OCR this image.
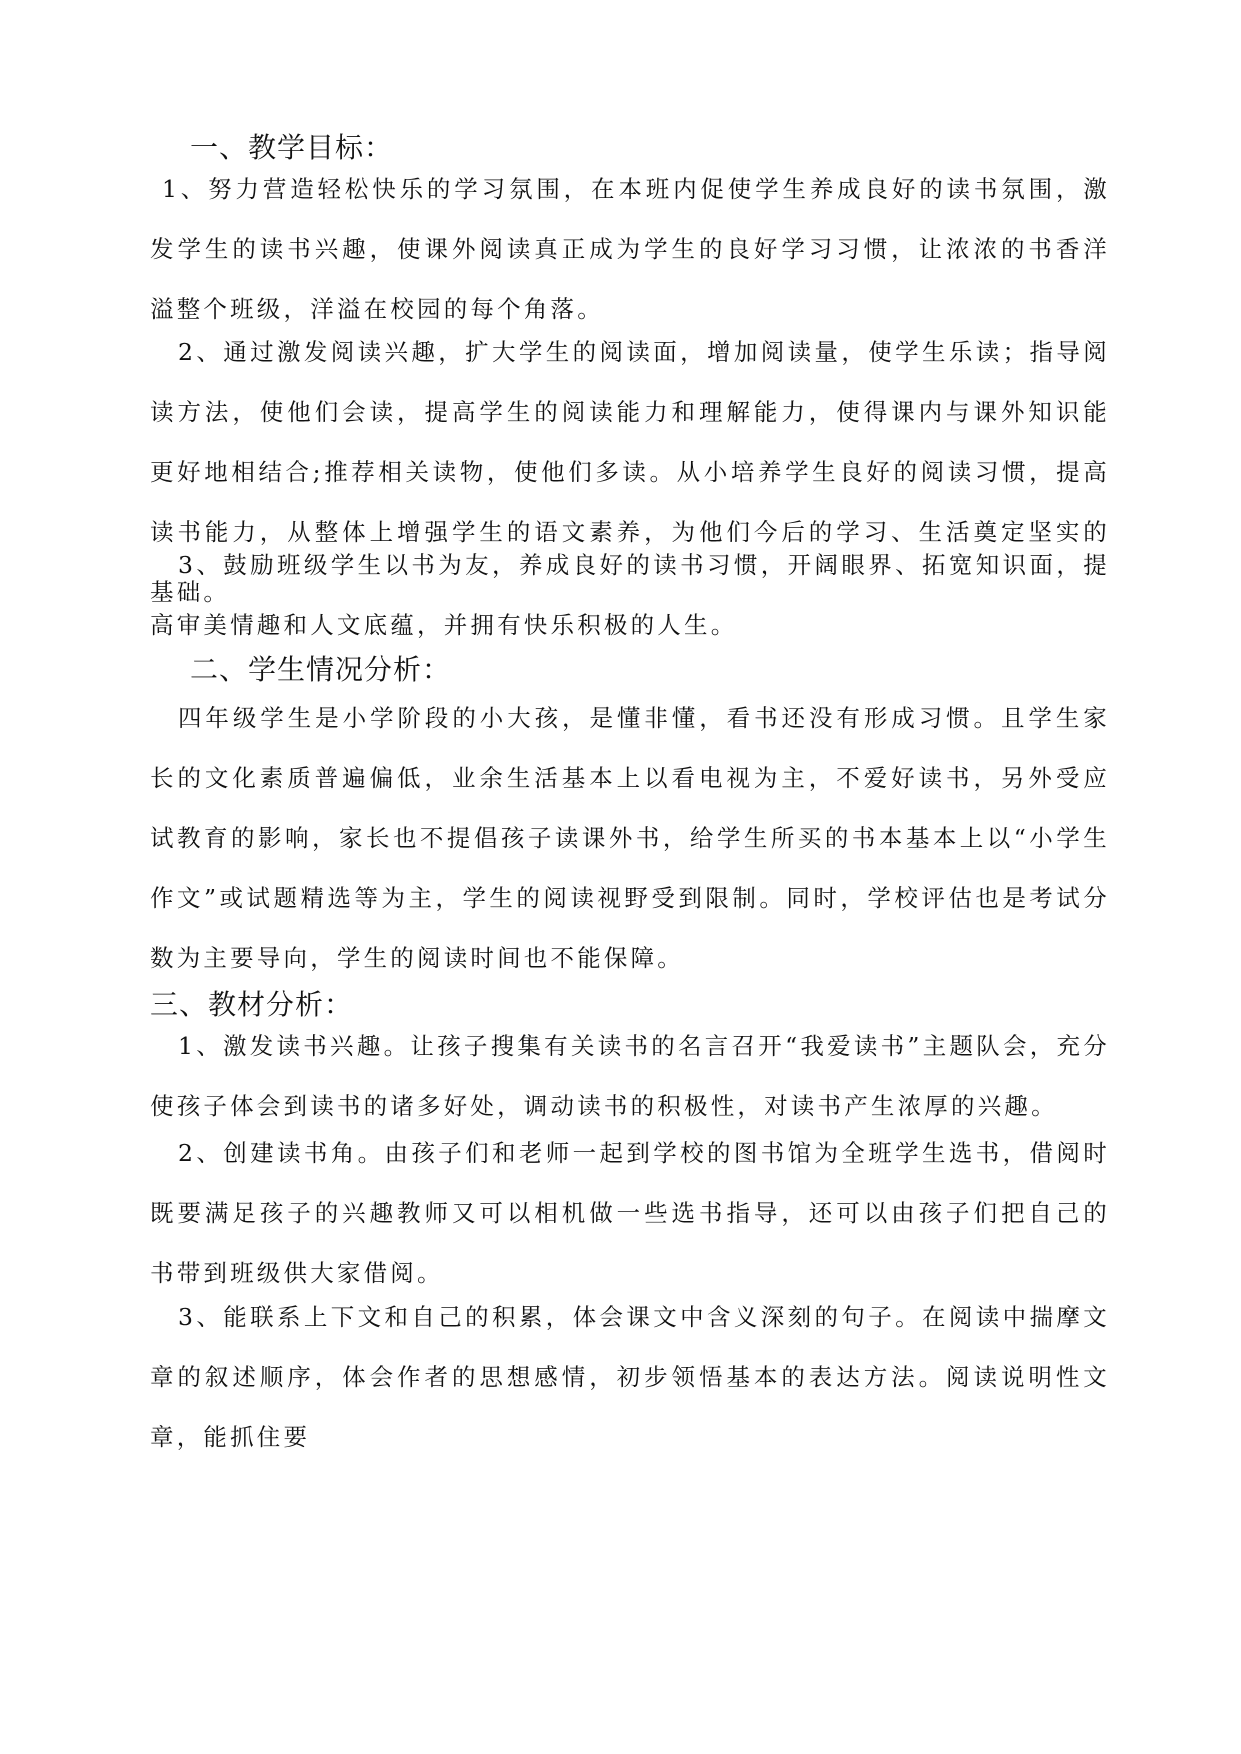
一、教学目标：
1、努力营造轻松快乐的学习氛围，在本班内促使学生养成良好的读书氛围，激发学生的读书兴趣，使课外阅读真正成为学生的良好学习习惯，让浓浓的书香洋溢整个班级，洋溢在校园的每个角落。
2、通过激发阅读兴趣，扩大学生的阅读面，增加阅读量，使学生乐读；指导阅读方法，使他们会读，提高学生的阅读能力和理解能力，使得课内与课外知识能更好地相结合;推荐相关读物，使他们多读。从小培养学生良好的阅读习惯，提高读书能力，从整体上增强学生的语文素养，为他们今后的学习、生活奠定坚实的基础。
3、鼓励班级学生以书为友，养成良好的读书习惯，开阔眼界、拓宽知识面，提高审美情趣和人文底蕴，并拥有快乐积极的人生。
二、学生情况分析：
四年级学生是小学阶段的小大孩，是懂非懂，看书还没有形成习惯。且学生家长的文化素质普遍偏低，业余生活基本上以看电视为主，不爱好读书，另外受应试教育的影响，家长也不提倡孩子读课外书，给学生所买的书本基本上以“小学生作文”或试题精选等为主，学生的阅读视野受到限制。同时，学校评估也是考试分数为主要导向，学生的阅读时间也不能保障。
三、教材分析：
1、激发读书兴趣。让孩子搜集有关读书的名言召开“我爱读书”主题队会，充分使孩子体会到读书的诸多好处，调动读书的积极性，对读书产生浓厚的兴趣。
2、创建读书角。由孩子们和老师一起到学校的图书馆为全班学生选书，借阅时既要满足孩子的兴趣教师又可以相机做一些选书指导，还可以由孩子们把自己的书带到班级供大家借阅。
3、能联系上下文和自己的积累，体会课文中含义深刻的句子。在阅读中揣摩文章的叙述顺序，体会作者的思想感情，初步领悟基本的表达方法。阅读说明性文章，能抓住要
